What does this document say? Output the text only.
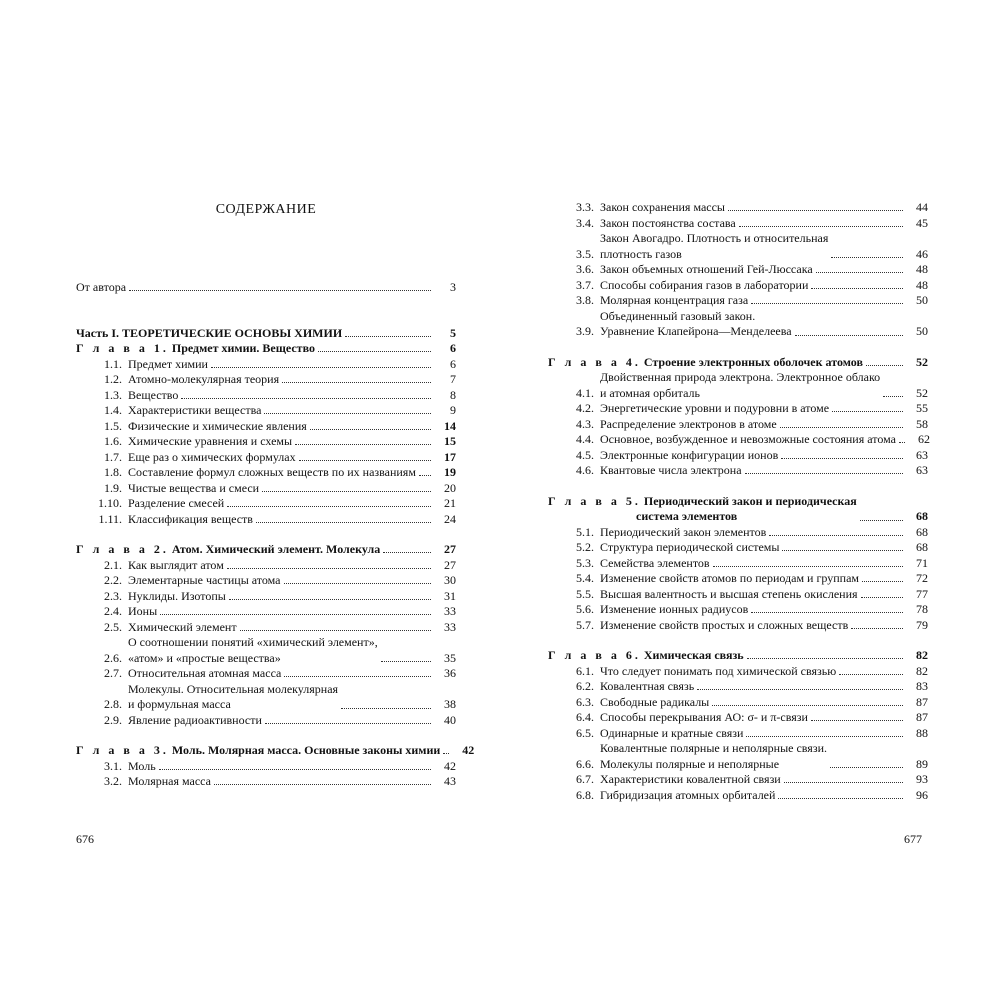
СОДЕРЖАНИЕ
От автора	3
Часть I. ТЕОРЕТИЧЕСКИЕ ОСНОВЫ ХИМИИ	5
Г л а в а 1. Предмет химии. Вещество	6
1.1. Предмет химии	6
1.2. Атомно-молекулярная теория	7
1.3. Вещество	8
1.4. Характеристики вещества	9
1.5. Физические и химические явления	14
1.6. Химические уравнения и схемы	15
1.7. Еще раз о химических формулах	17
1.8. Составление формул сложных веществ по их названиям	19
1.9. Чистые вещества и смеси	20
1.10. Разделение смесей	21
1.11. Классификация веществ	24
Г л а в а 2. Атом. Химический элемент. Молекула	27
2.1. Как выглядит атом	27
2.2. Элементарные частицы атома	30
2.3. Нуклиды. Изотопы	31
2.4. Ионы	33
2.5. Химический элемент	33
2.6.
О соотношении понятий «химический элемент»,
«атом» и «простые вещества»	35
2.7. Относительная атомная масса	36
2.8.
Молекулы. Относительная молекулярная
и формульная масса	38
2.9. Явление радиоактивности	40
Г л а в а 3. Моль. Молярная масса. Основные законы химии	42
3.1. Моль	42
3.2. Молярная масса	43
3.3. Закон сохранения массы	44
3.4. Закон постоянства состава	45
3.5.
Закон Авогадро. Плотность и относительная
плотность газов	46
3.6. Закон объемных отношений Гей-Люссака	48
3.7. Способы собирания газов в лаборатории	48
3.8. Молярная концентрация газа	50
3.9.
Объединенный газовый закон.
Уравнение Клапейрона—Менделеева	50
Г л а в а 4. Строение электронных оболочек атомов	52
4.1.
Двойственная природа электрона. Электронное облако
и атомная орбиталь	52
4.2. Энергетические уровни и подуровни в атоме	55
4.3. Распределение электронов в атоме	58
4.4. Основное, возбужденное и невозможные состояния атома	62
4.5. Электронные конфигурации ионов	63
4.6. Квантовые числа электрона	63
Г л а в а 5. Периодический закон и периодическая
система элементов	68
5.1. Периодический закон элементов	68
5.2. Структура периодической системы	68
5.3. Семейства элементов	71
5.4. Изменение свойств атомов по периодам и группам	72
5.5. Высшая валентность и высшая степень окисления	77
5.6. Изменение ионных радиусов	78
5.7. Изменение свойств простых и сложных веществ	79
Г л а в а 6. Химическая связь	82
6.1. Что следует понимать под химической связью	82
6.2. Ковалентная связь	83
6.3. Свободные радикалы	87
6.4. Способы перекрывания АО: σ- и π-связи	87
6.5. Одинарные и кратные связи	88
6.6.
Ковалентные полярные и неполярные связи.
Молекулы полярные и неполярные	89
6.7. Характеристики ковалентной связи	93
6.8. Гибридизация атомных орбиталей	96
676	677
